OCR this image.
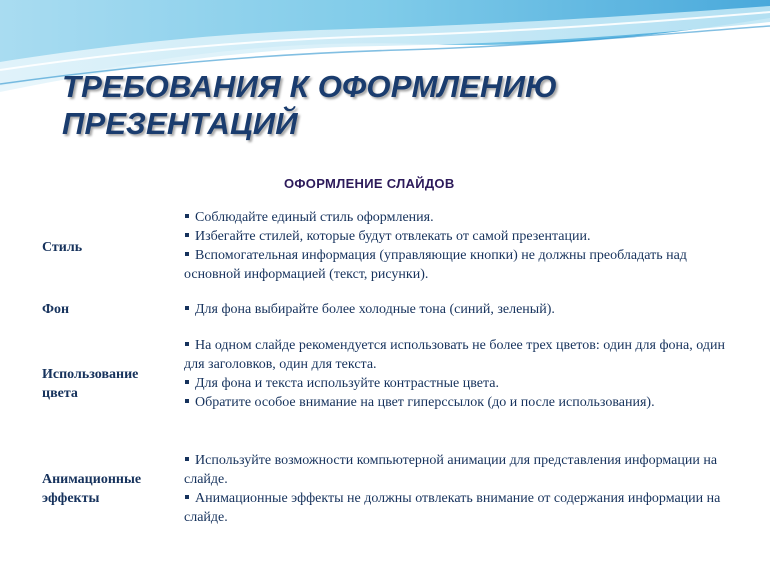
ТРЕБОВАНИЯ К ОФОРМЛЕНИЮ ПРЕЗЕНТАЦИЙ
ОФОРМЛЕНИЕ СЛАЙДОВ
Стиль
Соблюдайте единый стиль оформления.
Избегайте стилей, которые будут отвлекать от самой презентации.
Вспомогательная информация (управляющие кнопки) не должны преобладать над основной информацией (текст, рисунки).
Фон	Для фона выбирайте более холодные тона (синий, зеленый).
Использование цвета
На одном слайде рекомендуется использовать не более трех цветов: один для фона, один для заголовков, один для текста.
Для фона и текста используйте контрастные цвета.
Обратите особое внимание на цвет гиперссылок (до и после использования).
Анимационные эффекты
Используйте возможности компьютерной анимации для представления информации на слайде.
Анимационные эффекты не должны отвлекать внимание от содержания информации на слайде.
